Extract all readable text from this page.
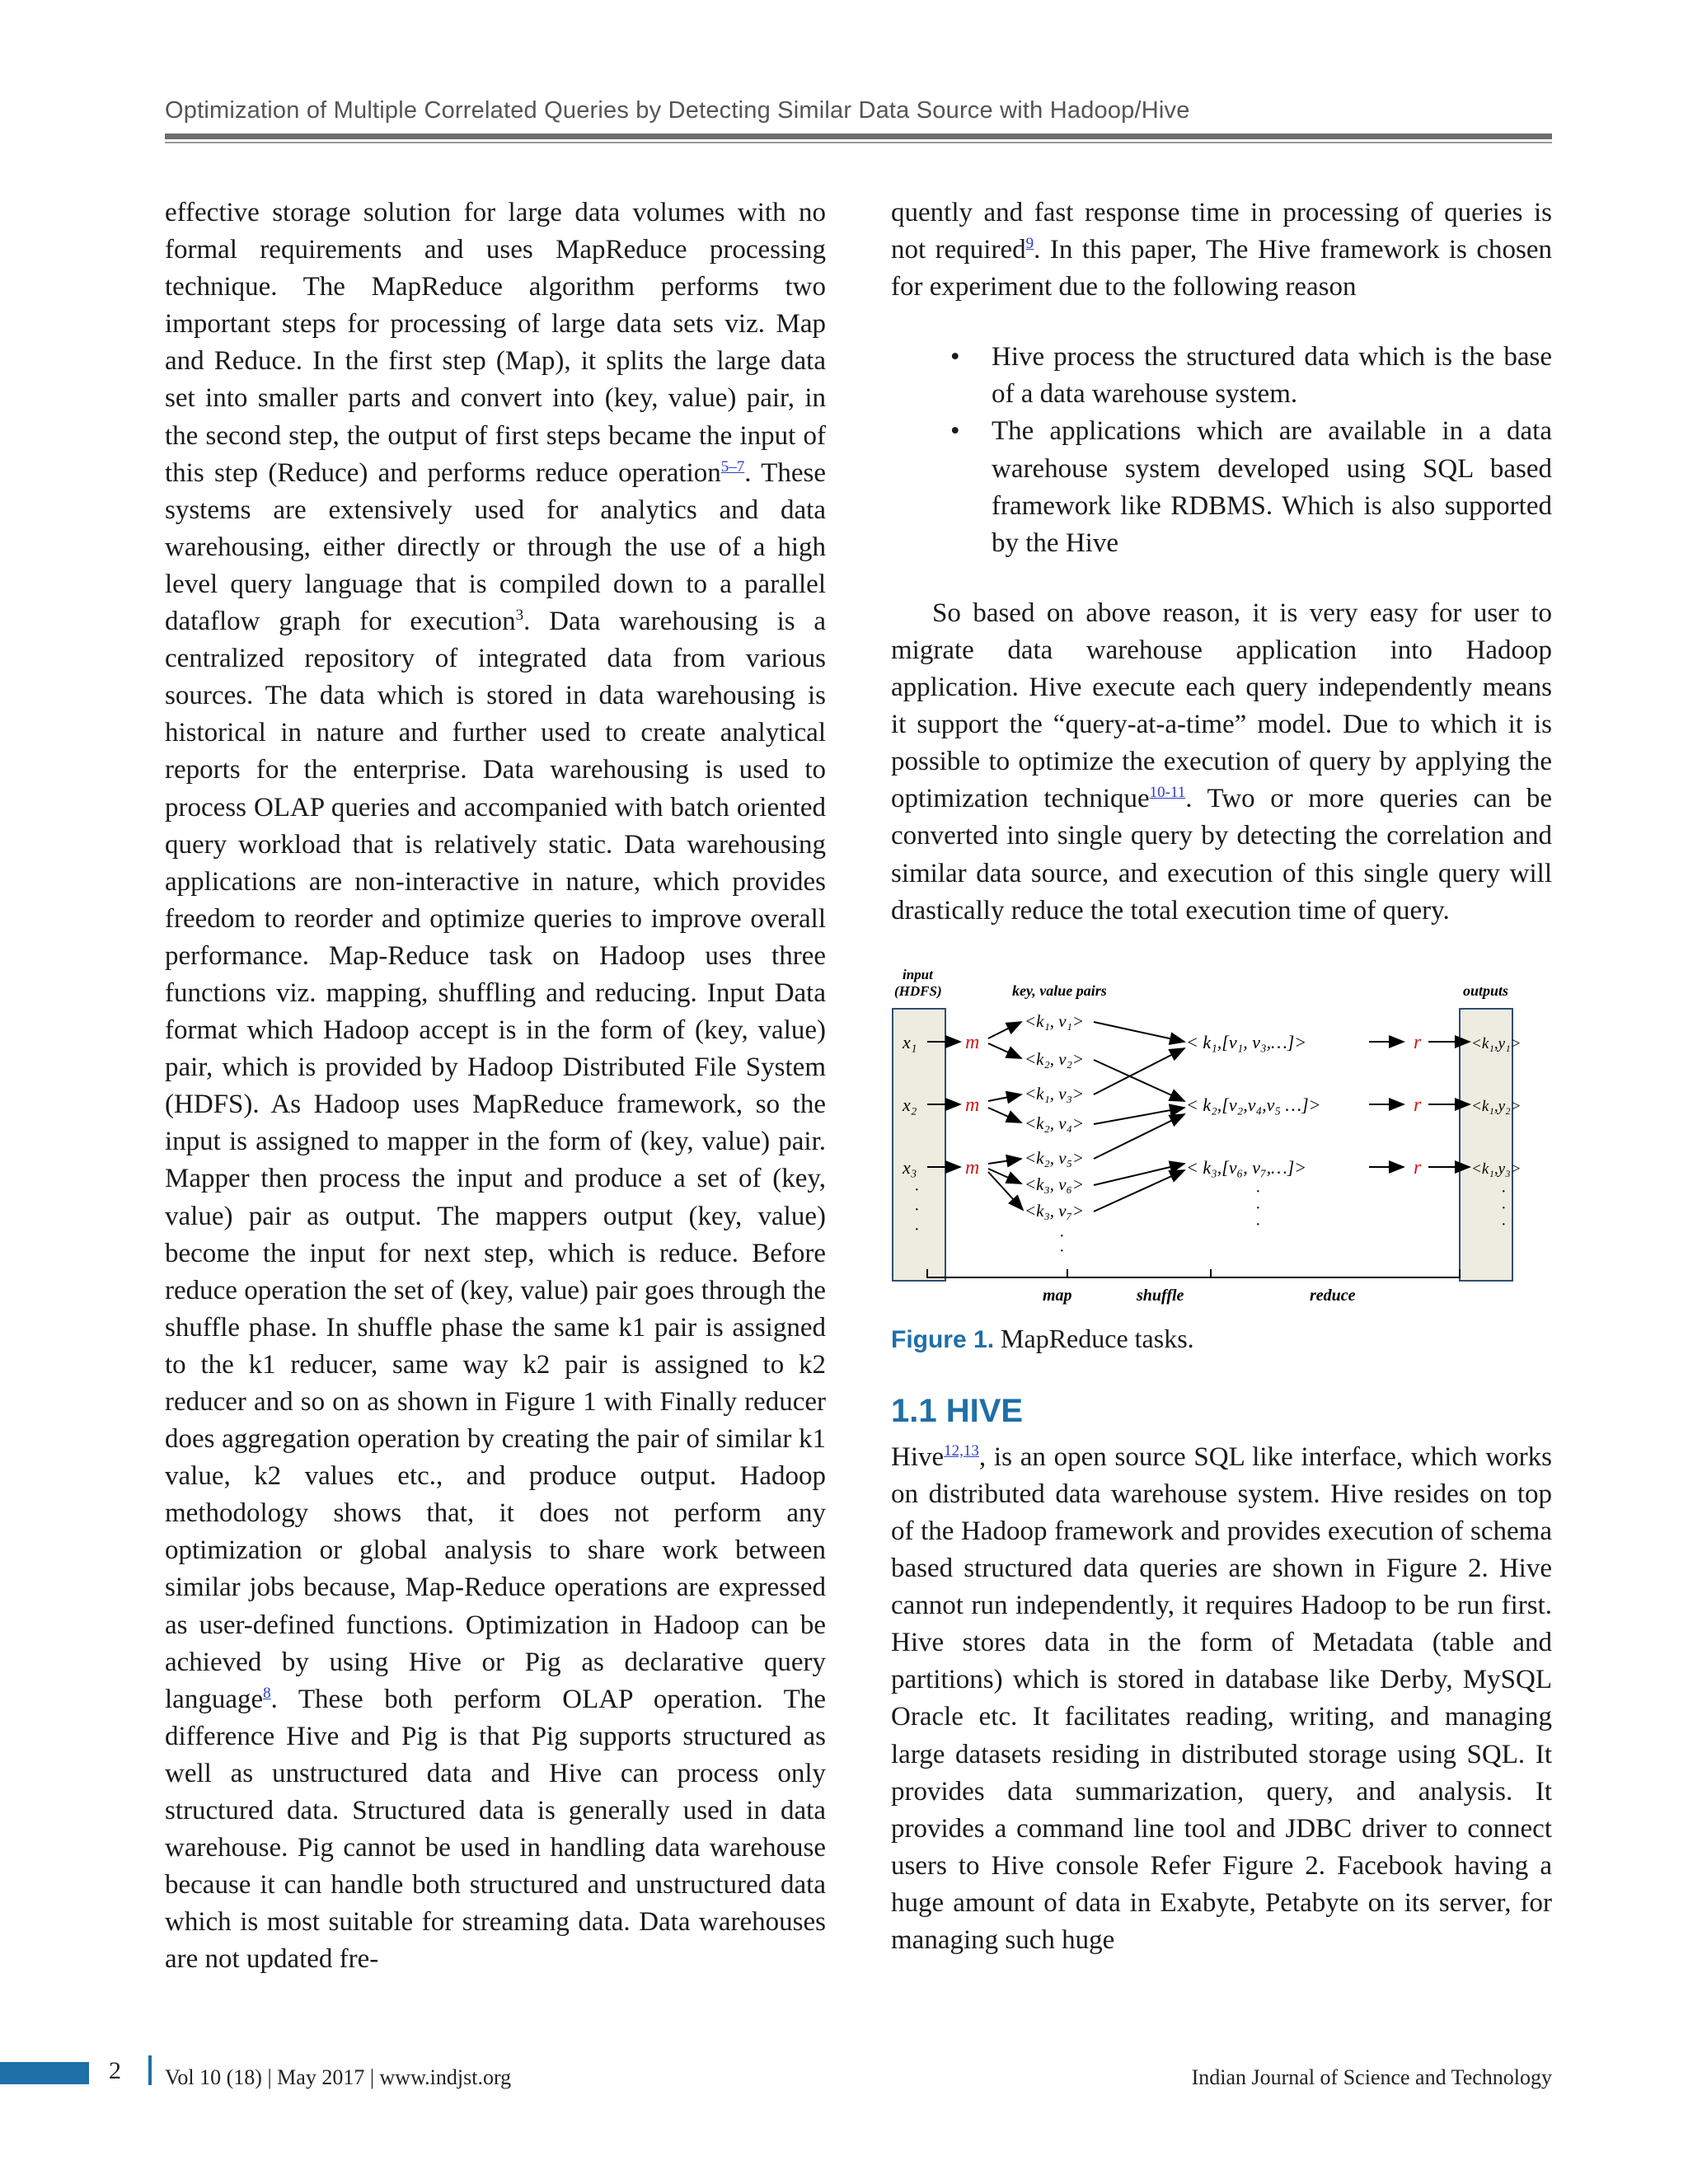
Optimization of Multiple Correlated Queries by Detecting Similar Data Source with Hadoop/Hive

effective storage solution for large data volumes with no formal requirements and uses MapReduce processing technique. The MapReduce algorithm performs two important steps for processing of large data sets viz. Map and Reduce. In the first step (Map), it splits the large data set into smaller parts and convert into (key, value) pair, in the second step, the output of first steps became the input of this step (Reduce) and performs reduce operation$^{5-7}$. These systems are extensively used for analytics and data warehousing, either directly or through the use of a high level query language that is compiled down to a parallel dataflow graph for execution$^3$. Data warehousing is a centralized repository of integrated data from various sources. The data which is stored in data warehousing is historical in nature and further used to create analytical reports for the enterprise. Data warehousing is used to process OLAP queries and accompanied with batch oriented query workload that is relatively static. Data warehousing applications are non-interactive in nature, which provides freedom to reorder and optimize queries to improve overall performance. Map-Reduce task on Hadoop uses three functions viz. mapping, shuffling and reducing. Input Data format which Hadoop accept is in the form of (key, value) pair, which is provided by Hadoop Distributed File System (HDFS). As Hadoop uses MapReduce framework, so the input is assigned to mapper in the form of (key, value) pair. Mapper then process the input and produce a set of (key, value) pair as output. The mappers output (key, value) become the input for next step, which is reduce. Before reduce operation the set of (key, value) pair goes through the shuffle phase. In shuffle phase the same k1 pair is assigned to the k1 reducer, same way k2 pair is assigned to k2 reducer and so on as shown in Figure 1 with Finally reducer does aggregation operation by creating the pair of similar k1 value, k2 values etc., and produce output. Hadoop methodology shows that, it does not perform any optimization or global analysis to share work between similar jobs because, Map-Reduce operations are expressed as user-defined functions. Optimization in Hadoop can be achieved by using Hive or Pig as declarative query language$^8$. These both perform OLAP operation. The difference Hive and Pig is that Pig supports structured as well as unstructured data and Hive can process only structured data. Structured data is generally used in data warehouse. Pig cannot be used in handling data warehouse because it can handle both structured and unstructured data which is most suitable for streaming data. Data warehouses are not updated fre-

quently and fast response time in processing of queries is not required$^9$. In this paper, The Hive framework is chosen for experiment due to the following reason

• Hive process the structured data which is the base of a data warehouse system.
• The applications which are available in a data warehouse system developed using SQL based framework like RDBMS. Which is also supported by the Hive

So based on above reason, it is very easy for user to migrate data warehouse application into Hadoop application. Hive execute each query independently means it support the “query-at-a-time” model. Due to which it is possible to optimize the execution of query by applying the optimization technique$^{10-11}$. Two or more queries can be converted into single query by detecting the correlation and similar data source, and execution of this single query will drastically reduce the total execution time of query.

input
(HDFS)	key, value pairs	outputs
x₁
x₂
x₃
·
·
·
m
m
m
<k₁, v₁>
<k₂, v₂>
<k₁, v₃>
<k₂, v₄>
<k₂, v₅>
<k₃, v₆>
<k₃, v₇>
·
·
< k₁,[v₁, v₃,…]>
< k₂,[v₂,v₄,v₅ …]>
< k₃,[v₆, v₇,…]>
·
·
·
r
r
r
<k₁,y₁>
<k₁,y₂>
<k₁,y₃>
·
·
·
map	shuffle	reduce
Figure 1. MapReduce tasks.
1.1 HIVE

Hive$^{12,13}$, is an open source SQL like interface, which works on distributed data warehouse system. Hive resides on top of the Hadoop framework and provides execution of schema based structured data queries are shown in Figure 2. Hive cannot run independently, it requires Hadoop to be run first. Hive stores data in the form of Metadata (table and partitions) which is stored in database like Derby, MySQL Oracle etc. It facilitates reading, writing, and managing large datasets residing in distributed storage using SQL. It provides data summarization, query, and analysis. It provides a command line tool and JDBC driver to connect users to Hive console Refer Figure 2. Facebook having a huge amount of data in Exabyte, Petabyte on its server, for managing such huge

2 Vol 10 (18) | May 2017 | www.indjst.org	Indian Journal of Science and Technology
